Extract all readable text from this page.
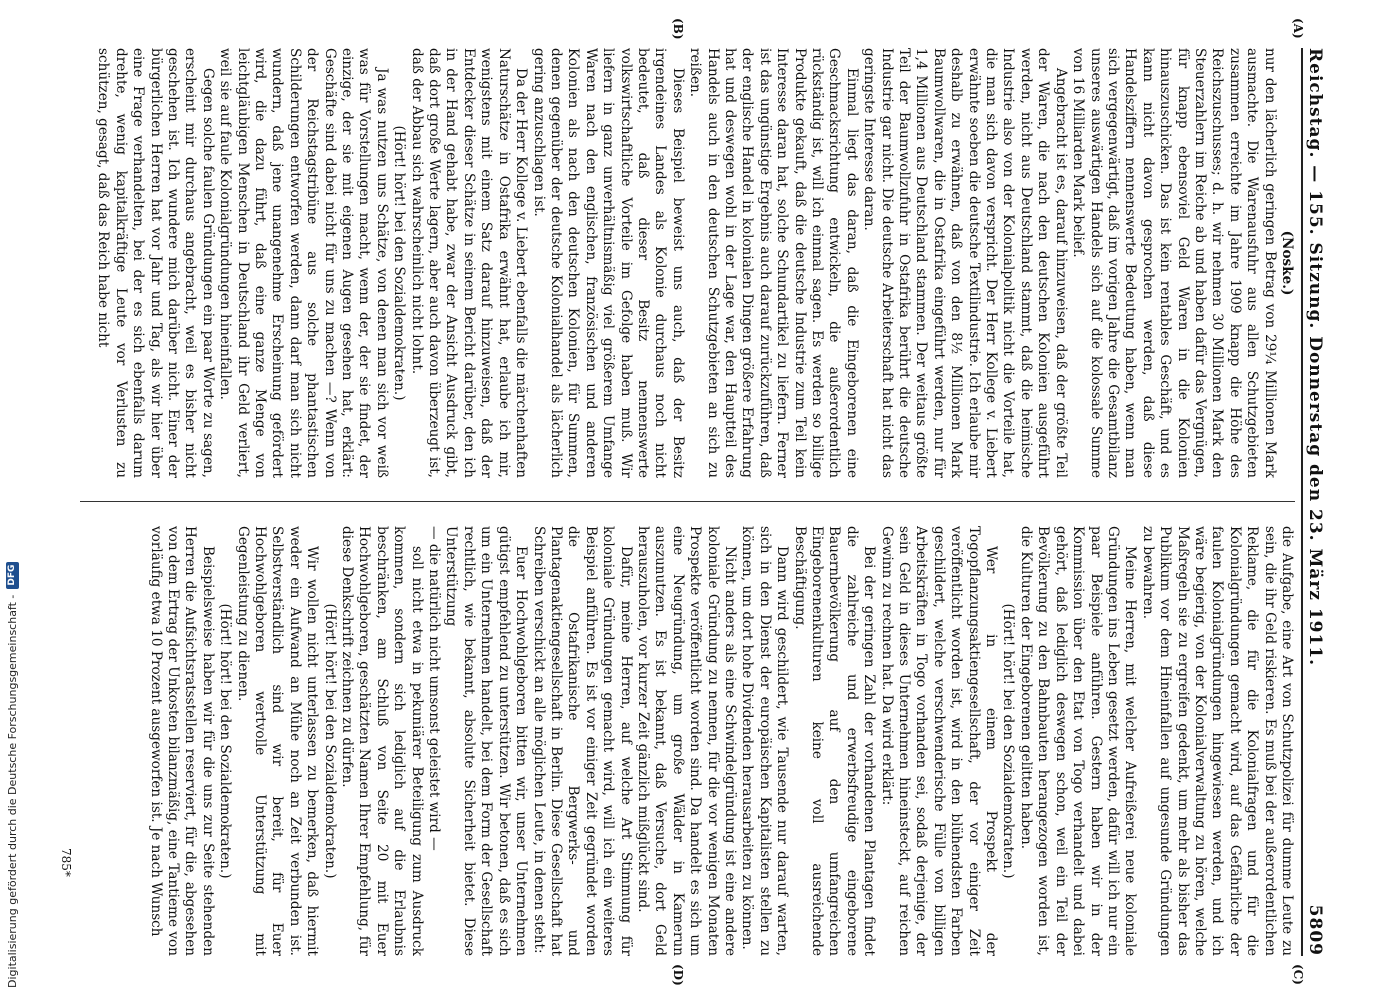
Digitalisierung gefördert durch die Deutsche Forschungsgemeinschaft -
DFG	Reichstag. — 155. Sitzung. Donnerstag den 23. März 1911.
5809
(A)
(B)
(C)
(D)

(Noske.)

nur den lächerlich geringen Betrag von 29¼ Millionen Mark ausmachte. Die Warenausfuhr aus allen Schutzgebieten zusammen erreichte im Jahre 1909 knapp die Höhe des Reichszuschusses; d. h. wir nehmen 30 Millionen Mark den Steuerzahlern im Reiche ab und haben dafür das Vergnügen, für knapp ebensoviel Geld Waren in die Kolonien hinauszuschicken. Das ist kein rentables Geschäft, und es kann nicht davon gesprochen werden, daß diese Handelsziffern nennenswerte Bedeutung haben, wenn man sich vergegenwärtigt, daß im vorigen Jahre die Gesamtbilanz unseres auswärtigen Handels sich auf die kolossale Summe von 16 Milliarden Mark belief.

Angebracht ist es, darauf hinzuweisen, daß der größte Teil der Waren, die nach den deutschen Kolonien ausgeführt werden, nicht aus Deutschland stammt, daß die heimische Industrie also von der Kolonialpolitik nicht die Vorteile hat, die man sich davon verspricht. Der Herr Kollege v. Liebert erwähnte soeben die deutsche Textilindustrie. Ich erlaube mir deshalb zu erwähnen, daß von den 8½ Millionen Mark Baumwollwaren, die in Ostafrika eingeführt werden, nur für 1,4 Millionen aus Deutschland stammen. Der weitaus größte Teil der Baumwollzufuhr in Ostafrika berührt die deutsche Industrie gar nicht. Die deutsche Arbeiterschaft hat nicht das geringste Interesse daran.

Einmal liegt das daran, daß die Eingeborenen eine Geschmacksrichtung entwickeln, die außerordentlich rückständig ist, will ich einmal sagen. Es werden so billige Produkte gekauft, daß die deutsche Industrie zum Teil kein Interesse daran hat, solche Schundartikel zu liefern. Ferner ist das ungünstige Ergebnis auch darauf zurückzuführen, daß der englische Handel in kolonialen Dingen größere Erfahrung hat und deswegen wohl in der Lage war, den Hauptteil des Handels auch in den deutschen Schutzgebieten an sich zu reißen.

Dieses Beispiel beweist uns auch, daß der Besitz irgendeines Landes als Kolonie durchaus noch nicht bedeutet, daß dieser Besitz nennenswerte volkswirtschaftliche Vorteile im Gefolge haben muß. Wir liefern in ganz unverhältnismäßig viel größerem Umfange Waren nach den englischen, französischen und anderen Kolonien als nach den deutschen Kolonien, für Summen, denen gegenüber der deutsche Kolonialhandel als lächerlich gering anzuschlagen ist.

Da der Herr Kollege v. Liebert ebenfalls die märchenhaften Naturschätze in Ostafrika erwähnt hat, erlaube ich mir, wenigstens mit einem Satz darauf hinzuweisen, daß der Entdecker dieser Schätze in seinem Bericht darüber, den ich in der Hand gehabt habe, zwar der Ansicht Ausdruck gibt, daß dort große Werte lagern, aber auch davon überzeugt ist, daß der Abbau sich wahrscheinlich nicht lohnt.

(Hört! hört! bei den Sozialdemokraten.)

Ja was nutzen uns Schätze, von denen man sich vor weiß was für Vorstellungen macht, wenn der, der sie findet, der einzige, der sie mit eigenen Augen gesehen hat, erklärt: Geschäfte sind dabei nicht für uns zu machen —? Wenn von der Reichstagstribüne aus solche phantastischen Schilderungen entworfen werden, dann darf man sich nicht wundern, daß jene unangenehme Erscheinung gefördert wird, die dazu führt, daß eine ganze Menge von leichtgläubigen Menschen in Deutschland ihr Geld verliert, weil sie auf faule Kolonialgründungen hineinfallen.

Gegen solche faulen Gründungen ein paar Worte zu sagen, erscheint mir durchaus angebracht, weil es bisher nicht geschehen ist. Ich wundere mich darüber nicht. Einer der bürgerlichen Herren hat vor Jahr und Tag, als wir hier über eine Frage verhandelten, bei der es sich ebenfalls darum drehte, wenig kapitalkräftige Leute vor Verlusten zu schützen, gesagt, daß das Reich habe nicht

die Aufgabe, eine Art von Schutzpolizei für dumme Leute zu sein, die ihr Geld riskieren. Es muß bei der außerordentlichen Reklame, die für die Kolonialfragen und für die Kolonialgründungen gemacht wird, auf das Gefährliche der faulen Kolonialgründungen hingewiesen werden, und ich wäre begierig, von der Kolonialverwaltung zu hören, welche Maßregeln sie zu ergreifen gedenkt, um mehr als bisher das Publikum vor dem Hineinfallen auf ungesunde Gründungen zu bewahren.

Meine Herren, mit welcher Aufreißerei neue koloniale Gründungen ins Leben gesetzt werden, dafür will ich nur ein paar Beispiele anführen. Gestern haben wir in der Kommission über den Etat von Togo verhandelt und dabei gehört, daß lediglich deswegen schon, weil ein Teil der Bevölkerung zu den Bahnbauten herangezogen worden ist, die Kulturen der Eingeborenen gelitten haben.

(Hört! hört! bei den Sozialdemokraten.)

Wer in einem Prospekt der Togopflanzungsaktiengesellschaft, der vor einiger Zeit veröffentlicht worden ist, wird in den blühendsten Farben geschildert, welche verschwenderische Fülle von billigen Arbeitskräften in Togo vorhanden sei, sodaß derjenige, der sein Geld in dieses Unternehmen hineinsteckt, auf reichen Gewinn zu rechnen hat. Da wird erklärt:

Bei der geringen Zahl der vorhandenen Plantagen findet die zahlreiche und erwerbsfreudige eingeborene Bauernbevölkerung auf den umfangreichen Eingeborenenkulturen keine voll ausreichende Beschäftigung.

Dann wird geschildert, wie Tausende nur darauf warten, sich in den Dienst der europäischen Kapitalisten stellen zu können, um dort hohe Dividenden herausarbeiten zu können.

Nicht anders als eine Schwindelgründung ist eine andere koloniale Gründung zu nennen, für die vor wenigen Monaten Prospekte veröffentlicht worden sind. Da handelt es sich um eine Neugründung, um große Wälder in Kamerun auszunutzen. Es ist bekannt, daß Versuche, dort Geld herauszuholen, vor kurzer Zeit gänzlich mißglückt sind.

Dafür, meine Herren, auf welche Art Stimmung für koloniale Gründungen gemacht wird, will ich ein weiteres Beispiel anführen. Es ist vor einiger Zeit gegründet worden die Ostafrikanische Bergwerks- und Plantagenaktiengesellschaft in Berlin. Diese Gesellschaft hat Schreiben verschickt an alle möglichen Leute, in denen steht:

Euer Hochwohlgeboren bitten wir, unser Unternehmen gütigst empfehlend zu unterstützen. Wir betonen, daß es sich um ein Unternehmen handelt, bei dem Form der Gesellschaft rechtlich, wie bekannt, absolute Sicherheit bietet. Diese Unterstützung

— die natürlich nicht umsonst geleistet wird —

soll nicht etwa in pekuniärer Beteiligung zum Ausdruck kommen, sondern sich lediglich auf die Erlaubnis beschränken, am Schluß von Seite 20 mit Euer Hochwohlgeboren, geschätzten Namen Ihrer Empfehlung, für diese Denkschrift zeichnen zu dürfen.

(Hört! hört! bei den Sozialdemokraten.)

Wir wollen nicht unterlassen zu bemerken, daß hiermit weder ein Aufwand an Mühe noch an Zeit verbunden ist. Selbstverständlich sind wir bereit, für Euer Hochwohlgeboren wertvolle Unterstützung mit Gegenleistung zu dienen.

(Hört! hört! bei den Sozialdemokraten.)

Beispielsweise haben wir für die uns zur Seite stehenden Herren die Aufsichtsratsstellen reserviert, für die, abgesehen von dem Ertrag der Unkosten bilanzmäßig, eine Tantieme von vorläufig etwa 10 Prozent ausgeworfen ist. Je nach Wunsch

785*
